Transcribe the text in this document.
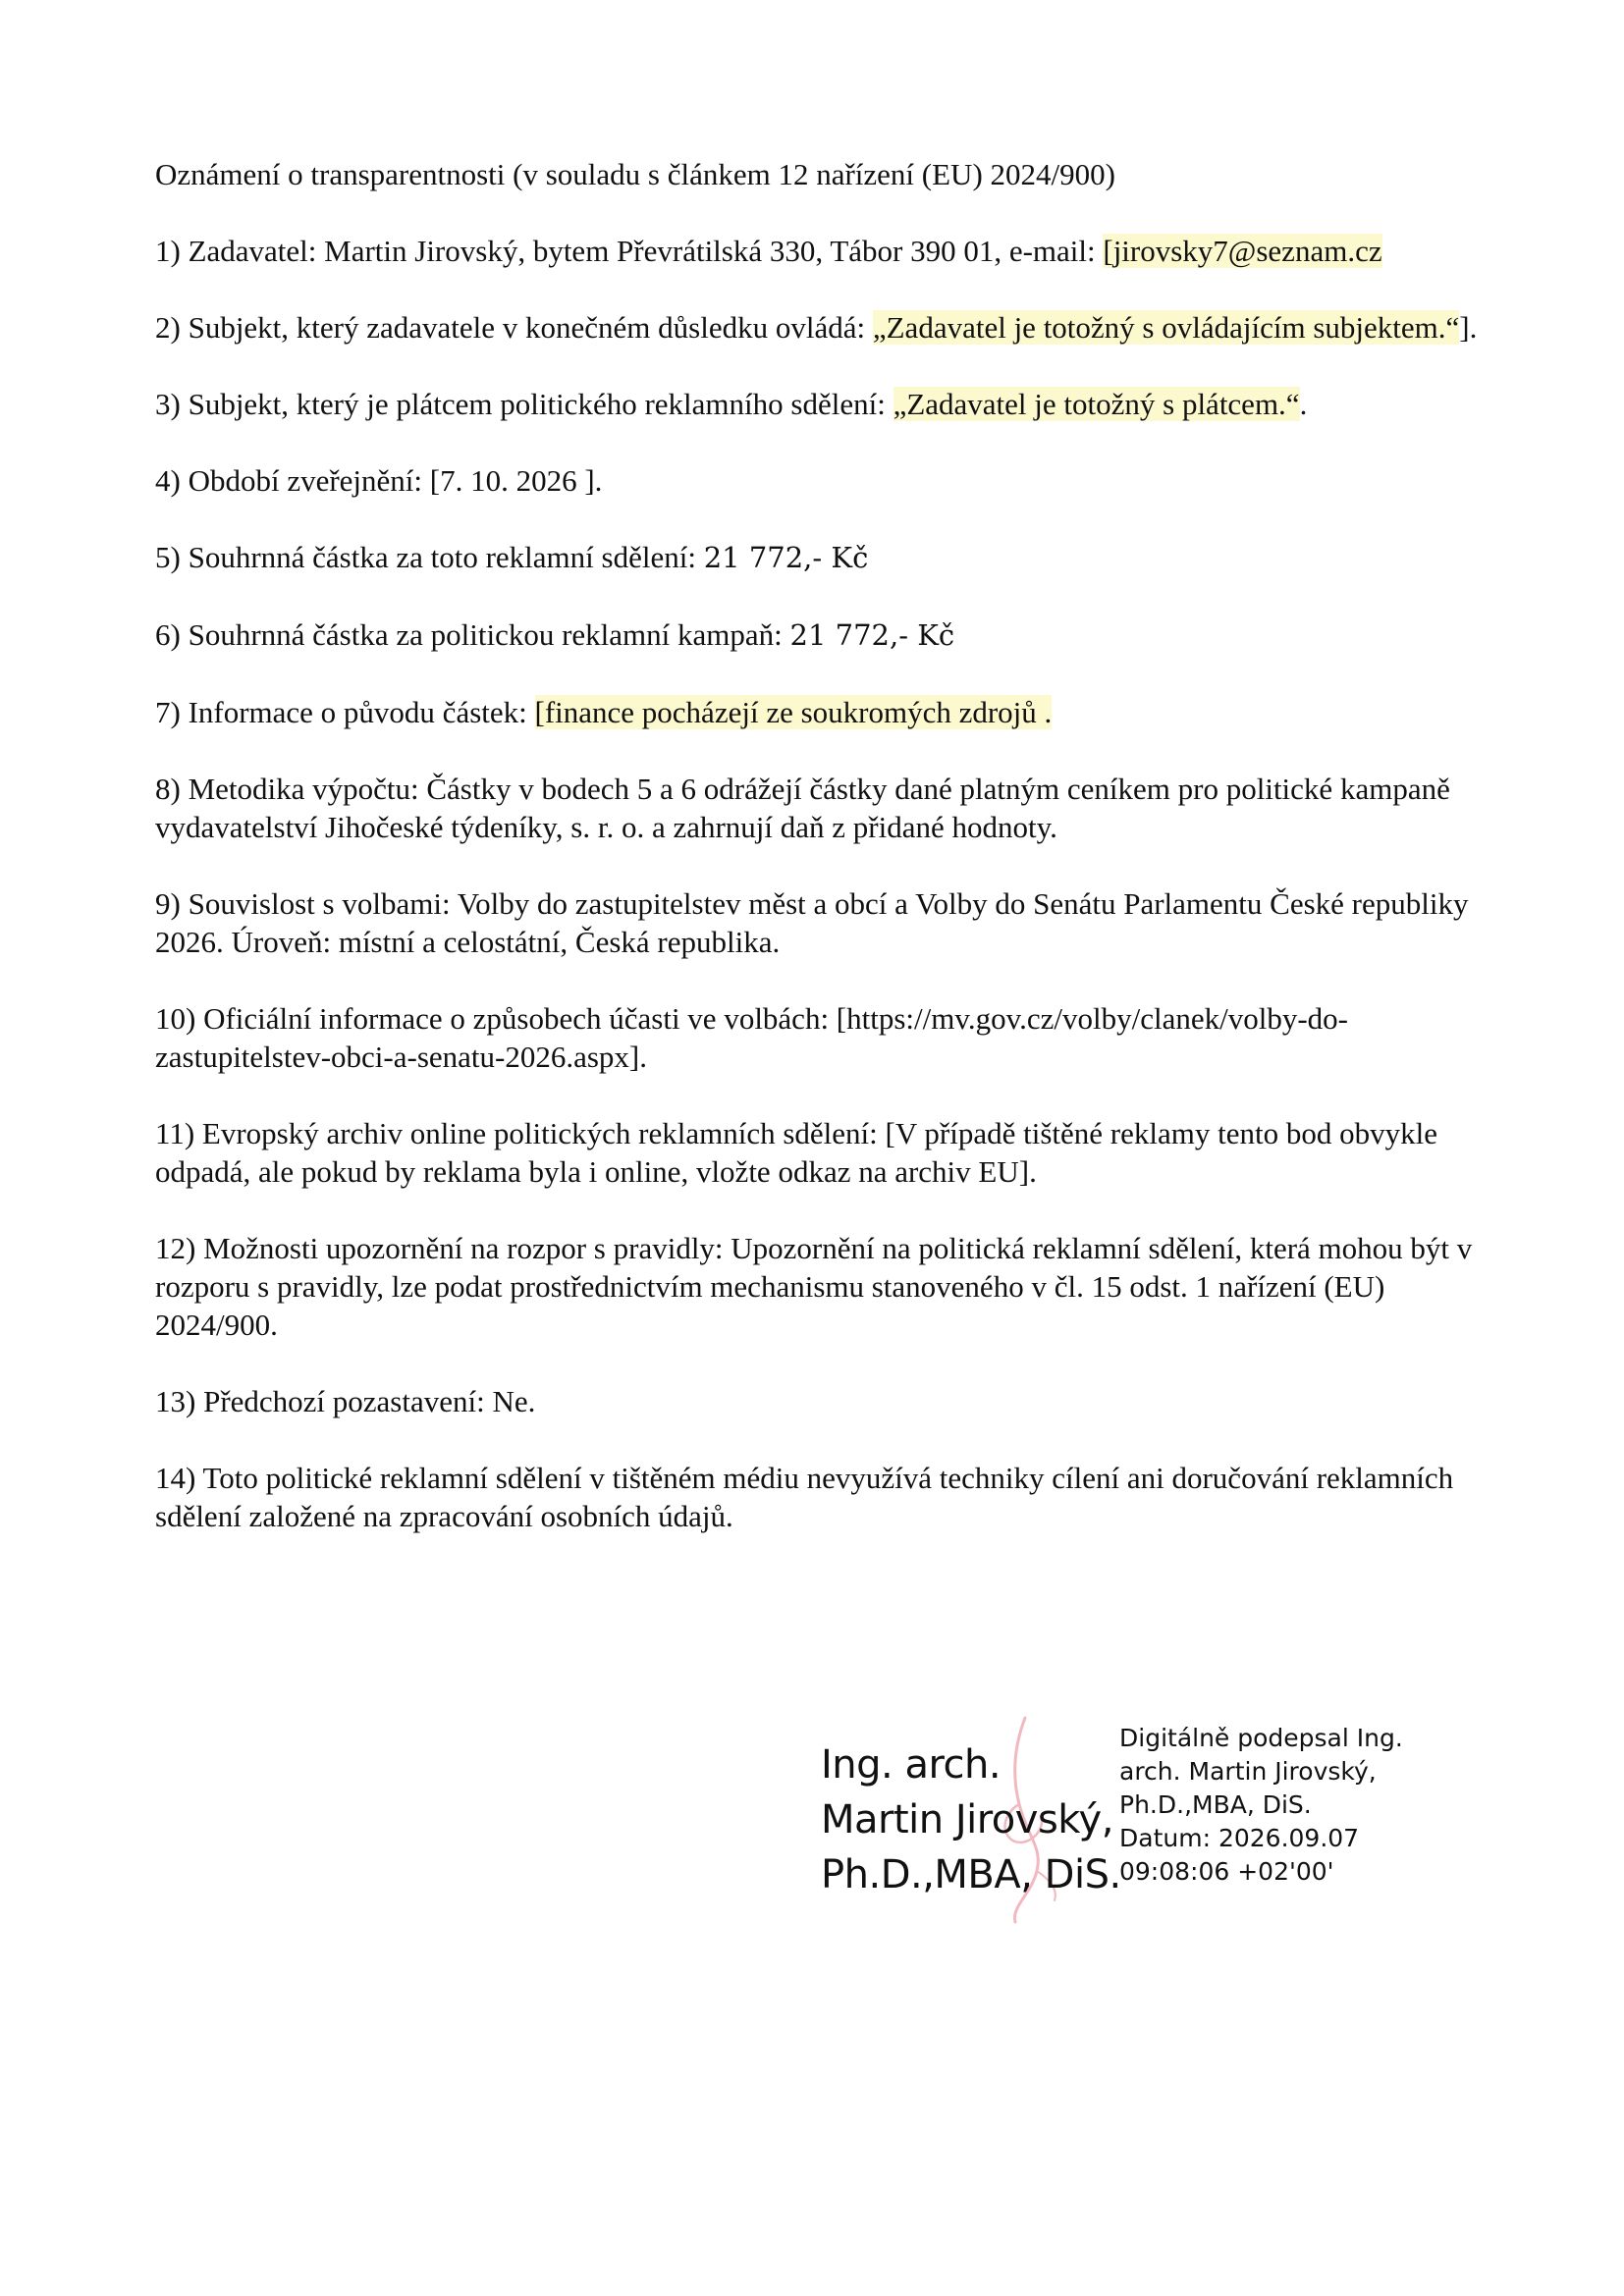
Oznámení o transparentnosti (v souladu s článkem 12 nařízení (EU) 2024/900)

1) Zadavatel: Martin Jirovský, bytem Převrátilská 330, Tábor 390 01, e-mail: [jirovsky7@seznam.cz

2) Subjekt, který zadavatele v konečném důsledku ovládá: „Zadavatel je totožný s ovládajícím subjektem.“].

3) Subjekt, který je plátcem politického reklamního sdělení: „Zadavatel je totožný s plátcem.“.

4) Období zveřejnění: [7. 10. 2026 ].

5) Souhrnná částka za toto reklamní sdělení: 21 772,- Kč

6) Souhrnná částka za politickou reklamní kampaň: 21 772,- Kč

7) Informace o původu částek: [finance pocházejí ze soukromých zdrojů .

8) Metodika výpočtu: Částky v bodech 5 a 6 odrážejí částky dané platným ceníkem pro politické kampaně vydavatelství Jihočeské týdeníky, s. r. o. a zahrnují daň z přidané hodnoty.

9) Souvislost s volbami: Volby do zastupitelstev měst a obcí a Volby do Senátu Parlamentu České republiky 2026. Úroveň: místní a celostátní, Česká republika.

10) Oficiální informace o způsobech účasti ve volbách: [https://mv.gov.cz/volby/clanek/volby-do-zastupitelstev-obci-a-senatu-2026.aspx].

11) Evropský archiv online politických reklamních sdělení: [V případě tištěné reklamy tento bod obvykle odpadá, ale pokud by reklama byla i online, vložte odkaz na archiv EU].

12) Možnosti upozornění na rozpor s pravidly: Upozornění na politická reklamní sdělení, která mohou být v rozporu s pravidly, lze podat prostřednictvím mechanismu stanoveného v čl. 15 odst. 1 nařízení (EU) 2024/900.

13) Předchozí pozastavení: Ne.

14) Toto politické reklamní sdělení v tištěném médiu nevyužívá techniky cílení ani doručování reklamních sdělení založené na zpracování osobních údajů.

Ing. arch.
Martin Jirovský,
Ph.D.,MBA, DiS.
Digitálně podepsal Ing.
arch. Martin Jirovský,
Ph.D.,MBA, DiS.
Datum: 2026.09.07
09:08:06 +02'00'
